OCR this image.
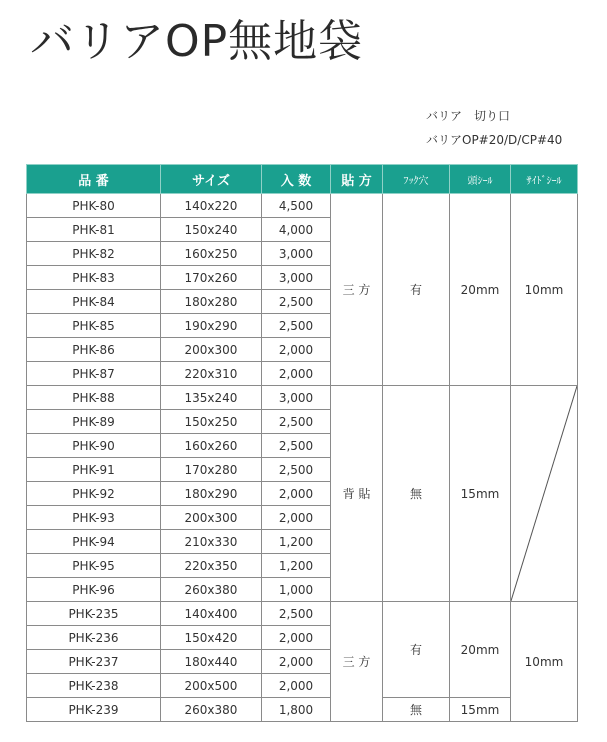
バリアOP無地袋
バリア　切り口
バリアOP#20/D/CP#40
品 番	サイズ	入 数	貼 方	ﾌｯｸ穴	頭ｼｰﾙ	ｻｲﾄﾞｼｰﾙ
PHK-80	140x220	4,500	三 方	有	20mm	10mm
PHK-81	150x240	4,000				
PHK-82	160x250	3,000				
PHK-83	170x260	3,000				
PHK-84	180x280	2,500				
PHK-85	190x290	2,500				
PHK-86	200x300	2,000				
PHK-87	220x310	2,000				
PHK-88	135x240	3,000	背 貼	無	15mm	

PHK-89	150x250	2,500				
PHK-90	160x260	2,500				
PHK-91	170x280	2,500				
PHK-92	180x290	2,000				
PHK-93	200x300	2,000				
PHK-94	210x330	1,200				
PHK-95	220x350	1,200				
PHK-96	260x380	1,000				
PHK-235	140x400	2,500	三 方	有	20mm	10mm
PHK-236	150x420	2,000				
PHK-237	180x440	2,000				
PHK-238	200x500	2,000				
PHK-239	260x380	1,800		無	15mm	
